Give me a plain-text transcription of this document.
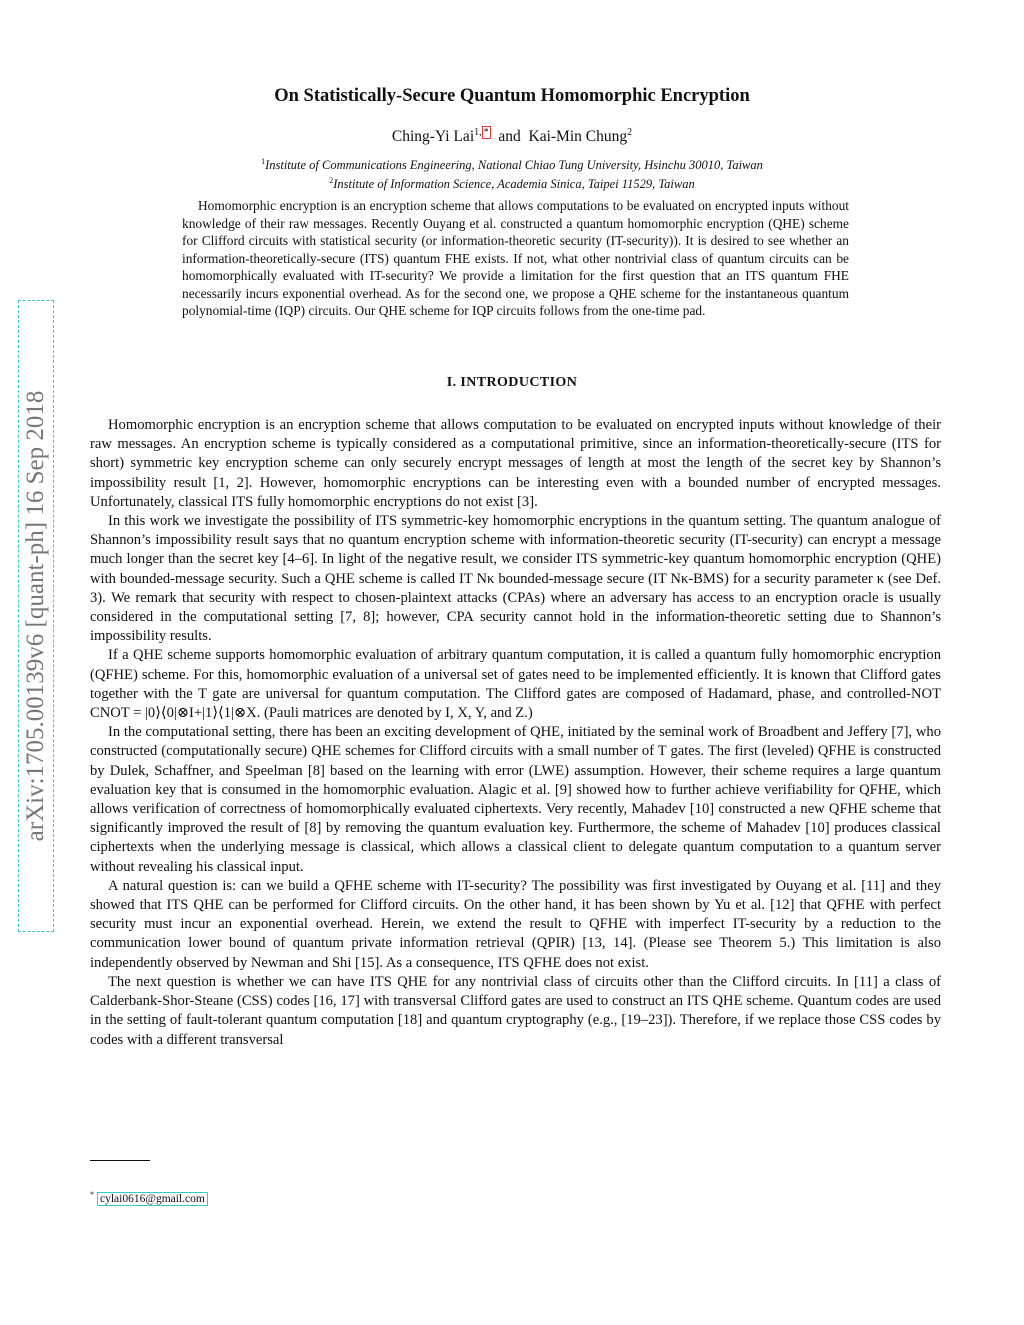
arXiv:1705.00139v6 [quant-ph] 16 Sep 2018
On Statistically-Secure Quantum Homomorphic Encryption
Ching-Yi Lai$^{1,}$ * and Kai-Min Chung$^2$
$^1$Institute of Communications Engineering, National Chiao Tung University, Hsinchu 30010, Taiwan
$^2$Institute of Information Science, Academia Sinica, Taipei 11529, Taiwan
Homomorphic encryption is an encryption scheme that allows computations to be evaluated on encrypted inputs without knowledge of their raw messages. Recently Ouyang et al. constructed a quantum homomorphic encryption (QHE) scheme for Clifford circuits with statistical security (or information-theoretic security (IT-security)). It is desired to see whether an information-theoretically-secure (ITS) quantum FHE exists. If not, what other nontrivial class of quantum circuits can be homomorphically evaluated with IT-security? We provide a limitation for the first question that an ITS quantum FHE necessarily incurs exponential overhead. As for the second one, we propose a QHE scheme for the instantaneous quantum polynomial-time (IQP) circuits. Our QHE scheme for IQP circuits follows from the one-time pad.
I. INTRODUCTION

Homomorphic encryption is an encryption scheme that allows computation to be evaluated on encrypted inputs without knowledge of their raw messages. An encryption scheme is typically considered as a computational primitive, since an information-theoretically-secure (ITS for short) symmetric key encryption scheme can only securely encrypt messages of length at most the length of the secret key by Shannon’s impossibility result [1, 2]. However, homomorphic encryptions can be interesting even with a bounded number of encrypted messages. Unfortunately, classical ITS fully homomorphic encryptions do not exist [3].

In this work we investigate the possibility of ITS symmetric-key homomorphic encryptions in the quantum setting. The quantum analogue of Shannon’s impossibility result says that no quantum encryption scheme with information-theoretic security (IT-security) can encrypt a message much longer than the secret key [4–6]. In light of the negative result, we consider ITS symmetric-key quantum homomorphic encryption (QHE) with bounded-message security. Such a QHE scheme is called IT Nκ bounded-message secure (IT Nκ-BMS) for a security parameter κ (see Def. 3). We remark that security with respect to chosen-plaintext attacks (CPAs) where an adversary has access to an encryption oracle is usually considered in the computational setting [7, 8]; however, CPA security cannot hold in the information-theoretic setting due to Shannon’s impossibility results.

If a QHE scheme supports homomorphic evaluation of arbitrary quantum computation, it is called a quantum fully homomorphic encryption (QFHE) scheme. For this, homomorphic evaluation of a universal set of gates need to be implemented efficiently. It is known that Clifford gates together with the T gate are universal for quantum computation. The Clifford gates are composed of Hadamard, phase, and controlled-NOT CNOT = |0⟩⟨0|⊗I+|1⟩⟨1|⊗X. (Pauli matrices are denoted by I, X, Y, and Z.)

In the computational setting, there has been an exciting development of QHE, initiated by the seminal work of Broadbent and Jeffery [7], who constructed (computationally secure) QHE schemes for Clifford circuits with a small number of T gates. The first (leveled) QFHE is constructed by Dulek, Schaffner, and Speelman [8] based on the learning with error (LWE) assumption. However, their scheme requires a large quantum evaluation key that is consumed in the homomorphic evaluation. Alagic et al. [9] showed how to further achieve verifiability for QFHE, which allows verification of correctness of homomorphically evaluated ciphertexts. Very recently, Mahadev [10] constructed a new QFHE scheme that significantly improved the result of [8] by removing the quantum evaluation key. Furthermore, the scheme of Mahadev [10] produces classical ciphertexts when the underlying message is classical, which allows a classical client to delegate quantum computation to a quantum server without revealing his classical input.

A natural question is: can we build a QFHE scheme with IT-security? The possibility was first investigated by Ouyang et al. [11] and they showed that ITS QHE can be performed for Clifford circuits. On the other hand, it has been shown by Yu et al. [12] that QFHE with perfect security must incur an exponential overhead. Herein, we extend the result to QFHE with imperfect IT-security by a reduction to the communication lower bound of quantum private information retrieval (QPIR) [13, 14]. (Please see Theorem 5.) This limitation is also independently observed by Newman and Shi [15]. As a consequence, ITS QFHE does not exist.

The next question is whether we can have ITS QHE for any nontrivial class of circuits other than the Clifford circuits. In [11] a class of Calderbank-Shor-Steane (CSS) codes [16, 17] with transversal Clifford gates are used to construct an ITS QHE scheme. Quantum codes are used in the setting of fault-tolerant quantum computation [18] and quantum cryptography (e.g., [19–23]). Therefore, if we replace those CSS codes by codes with a different transversal

* cylai0616@gmail.com
